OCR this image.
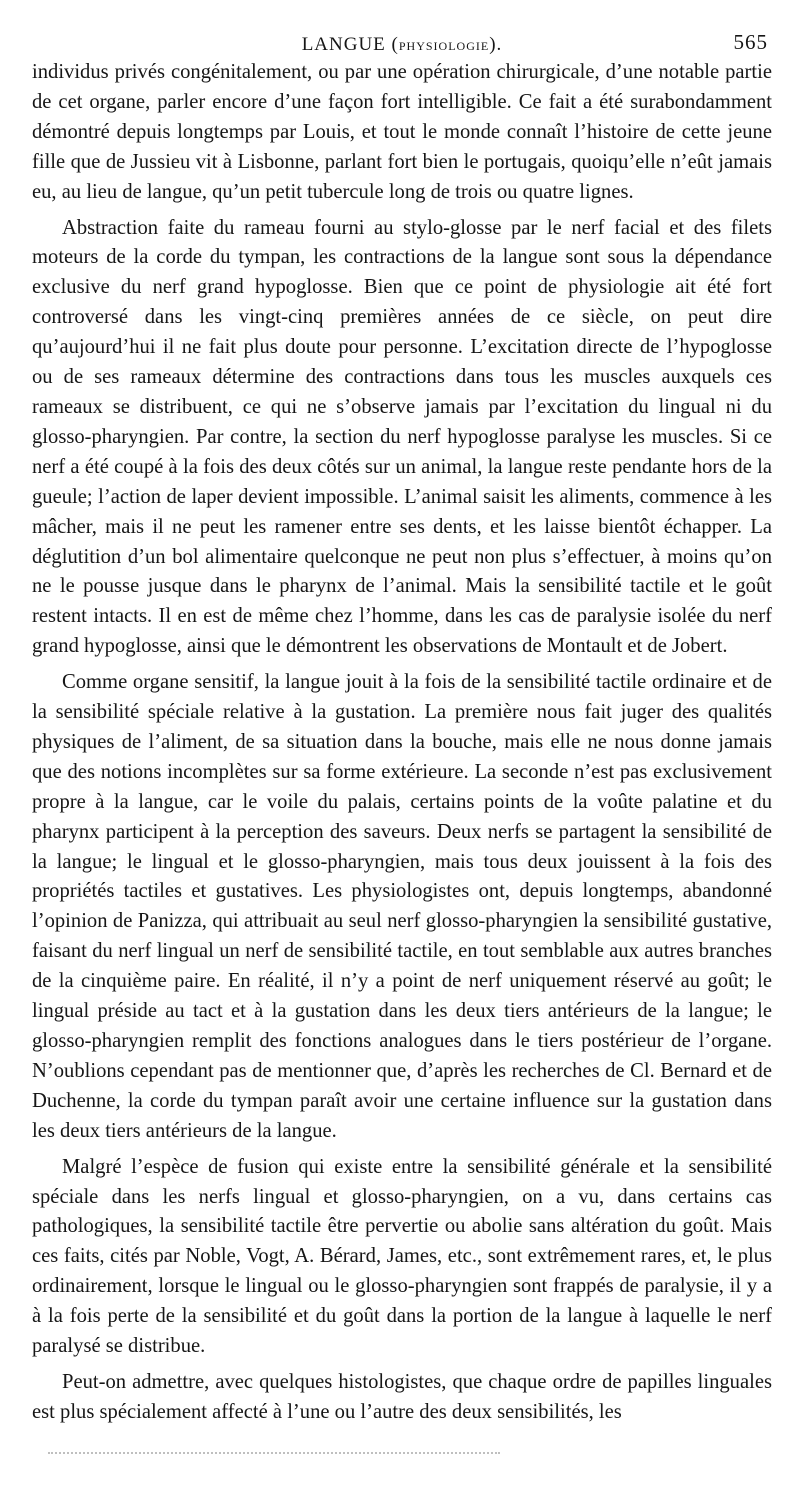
LANGUE (PHYSIOLOGIE).	565

individus privés congénitalement, ou par une opération chirurgicale, d’une notable partie de cet organe, parler encore d’une façon fort intelligible. Ce fait a été surabondamment démontré depuis longtemps par Louis, et tout le monde connaît l’histoire de cette jeune fille que de Jussieu vit à Lisbonne, parlant fort bien le portugais, quoiqu’elle n’eût jamais eu, au lieu de langue, qu’un petit tubercule long de trois ou quatre lignes.

Abstraction faite du rameau fourni au stylo-glosse par le nerf facial et des filets moteurs de la corde du tympan, les contractions de la langue sont sous la dépendance exclusive du nerf grand hypoglosse. Bien que ce point de physiologie ait été fort controversé dans les vingt-cinq premières années de ce siècle, on peut dire qu’aujourd’hui il ne fait plus doute pour personne. L’excitation directe de l’hypoglosse ou de ses rameaux détermine des contractions dans tous les muscles auxquels ces rameaux se distribuent, ce qui ne s’observe jamais par l’excitation du lingual ni du glosso-pharyngien. Par contre, la section du nerf hypoglosse paralyse les muscles. Si ce nerf a été coupé à la fois des deux côtés sur un animal, la langue reste pendante hors de la gueule; l’action de laper devient impossible. L’animal saisit les aliments, commence à les mâcher, mais il ne peut les ramener entre ses dents, et les laisse bientôt échapper. La déglutition d’un bol alimentaire quelconque ne peut non plus s’effectuer, à moins qu’on ne le pousse jusque dans le pharynx de l’animal. Mais la sensibilité tactile et le goût restent intacts. Il en est de même chez l’homme, dans les cas de paralysie isolée du nerf grand hypoglosse, ainsi que le démontrent les observations de Montault et de Jobert.

Comme organe sensitif, la langue jouit à la fois de la sensibilité tactile ordinaire et de la sensibilité spéciale relative à la gustation. La première nous fait juger des qualités physiques de l’aliment, de sa situation dans la bouche, mais elle ne nous donne jamais que des notions incomplètes sur sa forme extérieure. La seconde n’est pas exclusivement propre à la langue, car le voile du palais, certains points de la voûte palatine et du pharynx participent à la perception des saveurs. Deux nerfs se partagent la sensibilité de la langue; le lingual et le glosso-pharyngien, mais tous deux jouissent à la fois des propriétés tactiles et gustatives. Les physiologistes ont, depuis longtemps, abandonné l’opinion de Panizza, qui attribuait au seul nerf glosso-pharyngien la sensibilité gustative, faisant du nerf lingual un nerf de sensibilité tactile, en tout semblable aux autres branches de la cinquième paire. En réalité, il n’y a point de nerf uniquement réservé au goût; le lingual préside au tact et à la gustation dans les deux tiers antérieurs de la langue; le glosso-pharyngien remplit des fonctions analogues dans le tiers postérieur de l’organe. N’oublions cependant pas de mentionner que, d’après les recherches de Cl. Bernard et de Duchenne, la corde du tympan paraît avoir une certaine influence sur la gustation dans les deux tiers antérieurs de la langue.

Malgré l’espèce de fusion qui existe entre la sensibilité générale et la sensibilité spéciale dans les nerfs lingual et glosso-pharyngien, on a vu, dans certains cas pathologiques, la sensibilité tactile être pervertie ou abolie sans altération du goût. Mais ces faits, cités par Noble, Vogt, A. Bérard, James, etc., sont extrêmement rares, et, le plus ordinairement, lorsque le lingual ou le glosso-pharyngien sont frappés de paralysie, il y a à la fois perte de la sensibilité et du goût dans la portion de la langue à laquelle le nerf paralysé se distribue.

Peut-on admettre, avec quelques histologistes, que chaque ordre de papilles linguales est plus spécialement affecté à l’une ou l’autre des deux sensibilités, les
